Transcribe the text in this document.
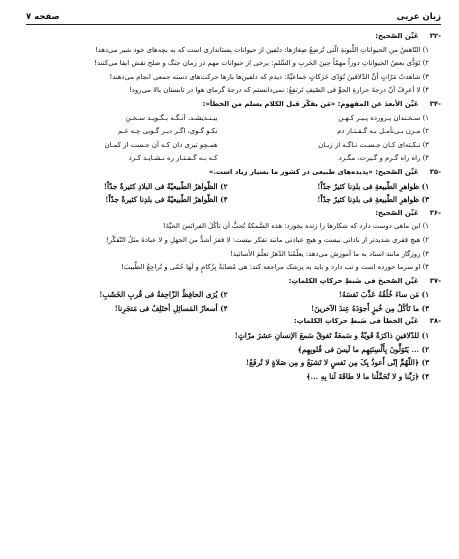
زبان عربی
صفحه ۷
-۳۲ عَیِّن الصّحیح:
۱) النّاهضُ من الحیواناتِ اللَّبونةِ الّتی تُرضِعُ صِغارَها: دلفین از حیوانات پستانداری است که به بچه‌های خود شیر می‌دهد!
۲) تَوَدُّی بعضُ الحیواناتِ دوراً مهمّاً حِینَ الحَربِ و السِّلمِ: برخی از حیوانات مهم در زمان جنگ و صلح نقش ایفا می‌کنند!
۳) شاهدتُ مَرّاتٍ أنَّ الدّلافینَ تُؤدّی حَرَکاتٍ جَماعیَّةً: دیدم که دلفین‌ها بارها حرکت‌های دسته جمعی انجام می‌دهند!
۴) ‌لا أعرِفُ أنّ درجةَ حرارةِ الجوِّ فی الصّیفِ تَرتفِعُ: نمی‌دانستم که درجهٔ گرمای هوا در تابستان بالا می‌رود!
-۳۴ عَیِّن الأبعدَ عن المفهوم: «مَن یفکّر قبل الکلام یسلم من الخطأ»:
۱) سـخـندان پـرورده پـیـر کـهـن
بیـنـدیشـد، آنـگـه بـگـویـد سـخـن
۲) مـزن بـی‌تأمـل بـه گـفـتـار دم
نکـو گـوی، اگـر دیـر گـویی چـه غـم
۳) نـکـته‌ای کـان جـسـت نـاگـه از زبـان
همـچو تیری دان کـه آن جـست از کمـان
۴) راه راه گـرم و گـیرت، مگـرد
کـه بـه گـفـتـار ره نـشـایـد کـرد
-۳۵ عَیِّن الصّحیح: «پدیده‌های طبیعی در کشور ما بسیار زیاد است.»
۱) ظواهرِ الطّبیعةِ فی بلدِنا کثیرٌ جدّاً!
۲) الظّواهرُ الطّبیعیّةُ فی البلادِ کثیرةٌ جدّاً!
۳) ظواهرِ الطّبیعةِ فی بلدِنا کثیرٌ جدّاً!
۴) الظّواهرُ الطّبیعیّةُ فی بلدِنا کثیرةٌ جدّاً!
-۳۶ عَیِّن الصّحیح:
۱) این ماهی دوست دارد که شکارها را زنده بخورد: هذه السَّمکةُ تُحبُّ أن تأکُلَ الفرائسَ الحیَّةَ!
۲) هیچ فقری شدیدتر از نادانی نیست و هیچ عبادتی مانند تفکر نیست: لا فقرَ أشدُّ من الجهلِ و لا عبادةَ مثلُ التّفکّرِ!
۳) روزگار مانند استاد به ما آموزش می‌دهد: یعلّمُنا الدّهرُ تعلّمَ الأساتیذ!
۴) او سرما خورده است و تب دارد و باید به پزشک مراجعه کند: هی مُصابَةٌ بِزُکامٍ و لَها حُمّی و تُراجِعُ الطَّبیبَ!
-۳۷ عَیِّن الصّحیحَ فی ضَبطِ حرکاتِ الکلماتِ:
۱) مَن ساءَ خُلُقُهُ عَذَّبَ نَفسَهُ!
۲) یُرَی الحافِظُ الزّاحِفةُ فی قُربِ الخَشَبِ!
۳) ما تَأکُلُ مِن خُبزٍ أَجوَدَهُ عِندَ الآخرینَ!
۴) أسعارُ المَسائِلِ أختَلِفُ فی مَتجَرِنا!
-۳۸ عَیِّن الخطأ فی ضَبطِ حرکاتِ الکلماتِ:
۱) للدّلافینِ ذاکرَةٌ قَویّةٌ و سَمعَةٌ تَفوقُ سَمعَ الإنسانِ عشرَ مرّاتٍ!
۲) ... یَتَوَلَّونَ بِأَلْسِنَتِهِم ما لَیسَ فی قُلوبِهِم﴾
۳) ﴿اللّهُمَّ إنّی أَعوذُ بِکَ مِن نَفسٍ لا تَشبَعُ و مِن صَلاةٍ لا تُرفَعُ!
۴) ﴿رَبَّنا و لا تُحَمِّلْنا ما لا طاقَةَ لَنا بِهِ ...﴾
